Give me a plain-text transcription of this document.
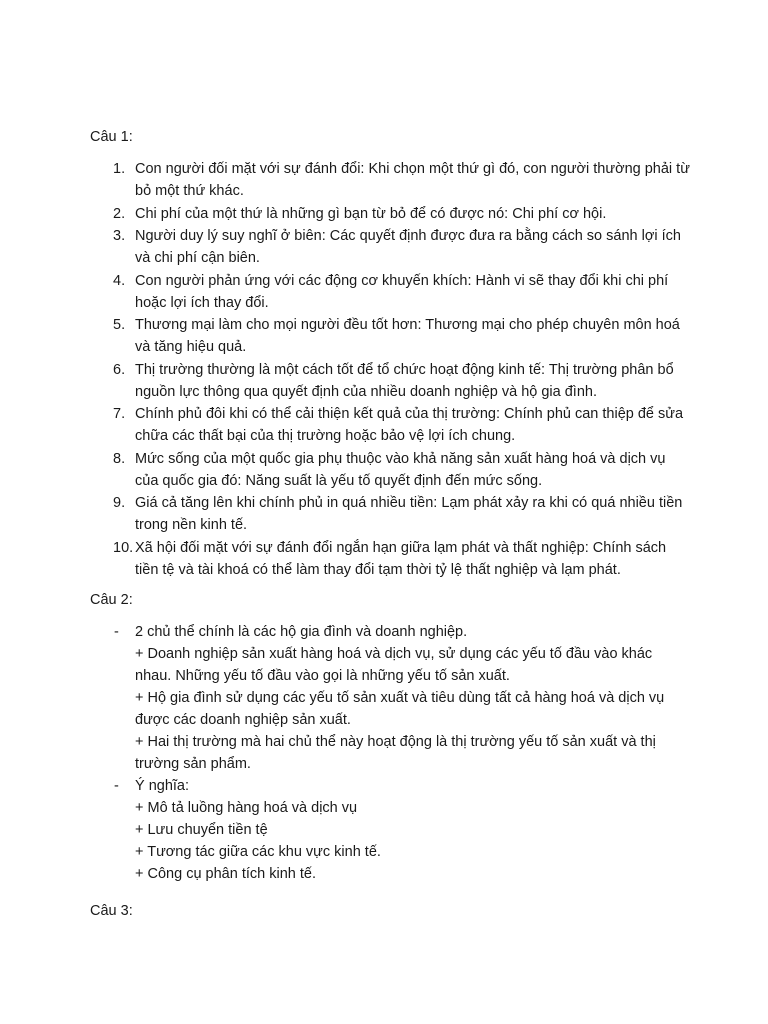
Câu 1:
1. Con người đối mặt với sự đánh đổi: Khi chọn một thứ gì đó, con người thường phải từ bỏ một thứ khác.
2. Chi phí của một thứ là những gì bạn từ bỏ để có được nó: Chi phí cơ hội.
3. Người duy lý suy nghĩ ở biên: Các quyết định được đưa ra bằng cách so sánh lợi ích và chi phí cận biên.
4. Con người phản ứng với các động cơ khuyến khích: Hành vi sẽ thay đổi khi chi phí hoặc lợi ích thay đổi.
5. Thương mại làm cho mọi người đều tốt hơn: Thương mại cho phép chuyên môn hoá và tăng hiệu quả.
6. Thị trường thường là một cách tốt để tổ chức hoạt động kinh tế: Thị trường phân bổ nguồn lực thông qua quyết định của nhiều doanh nghiệp và hộ gia đình.
7. Chính phủ đôi khi có thể cải thiện kết quả của thị trường: Chính phủ can thiệp để sửa chữa các thất bại của thị trường hoặc bảo vệ lợi ích chung.
8. Mức sống của một quốc gia phụ thuộc vào khả năng sản xuất hàng hoá và dịch vụ của quốc gia đó: Năng suất là yếu tố quyết định đến mức sống.
9. Giá cả tăng lên khi chính phủ in quá nhiều tiền: Lạm phát xảy ra khi có quá nhiều tiền trong nền kinh tế.
10. Xã hội đối mặt với sự đánh đổi ngắn hạn giữa lạm phát và thất nghiệp: Chính sách tiền tệ và tài khoá có thể làm thay đổi tạm thời tỷ lệ thất nghiệp và lạm phát.
Câu 2:
- 2 chủ thể chính là các hộ gia đình và doanh nghiệp.
+ Doanh nghiệp sản xuất hàng hoá và dịch vụ, sử dụng các yếu tố đầu vào khác nhau. Những yếu tố đầu vào gọi là những yếu tố sản xuất.
+ Hộ gia đình sử dụng các yếu tố sản xuất và tiêu dùng tất cả hàng hoá và dịch vụ được các doanh nghiệp sản xuất.
+ Hai thị trường mà hai chủ thể này hoạt động là thị trường yếu tố sản xuất và thị trường sản phẩm.
- Ý nghĩa:
+ Mô tả luồng hàng hoá và dịch vụ
+ Lưu chuyển tiền tệ
+ Tương tác giữa các khu vực kinh tế.
+ Công cụ phân tích kinh tế.
Câu 3:
